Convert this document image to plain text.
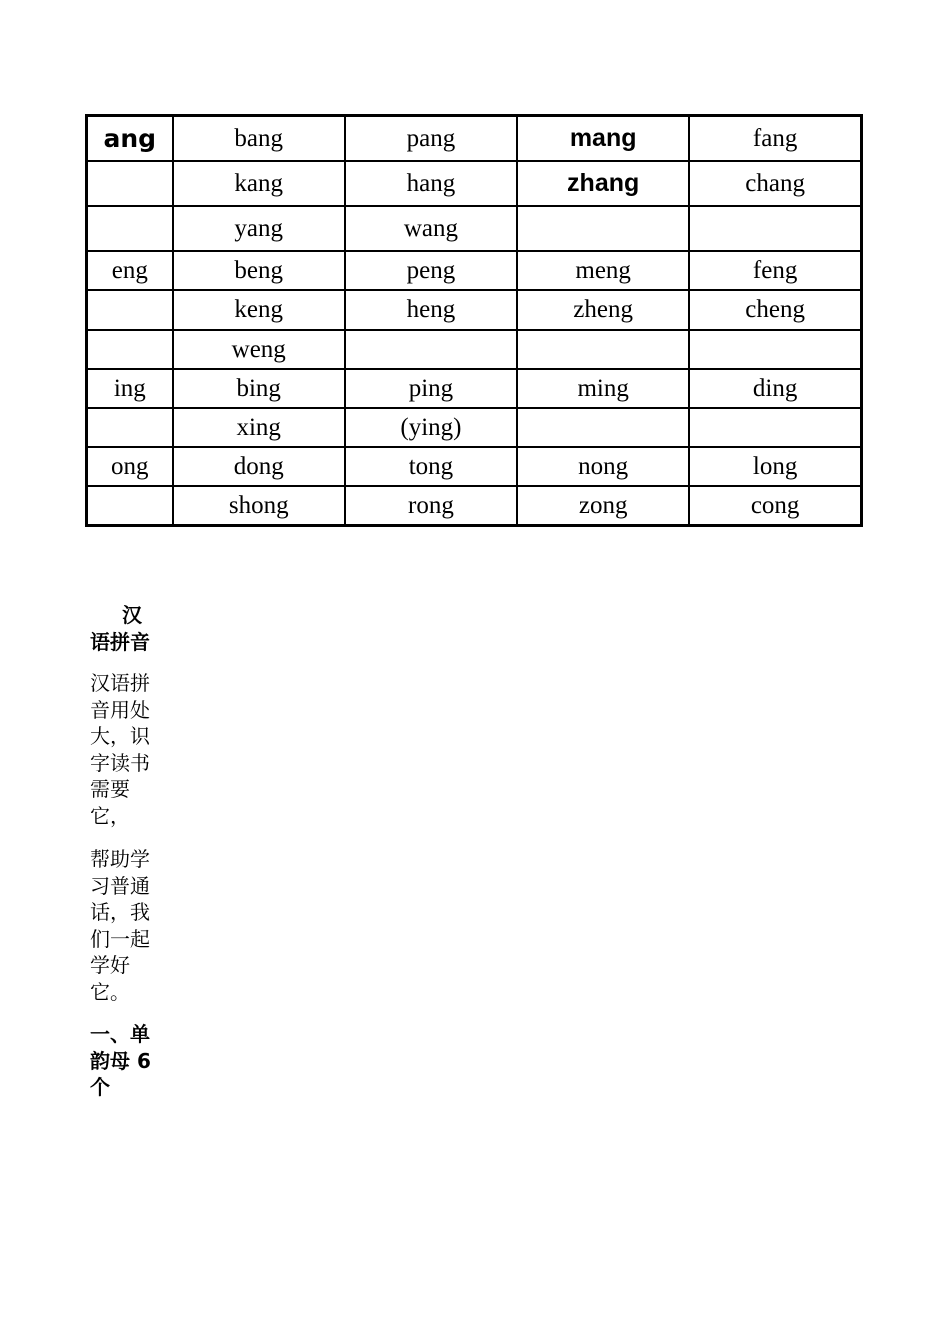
ang	bang	pang	mang	fang
	kang	hang	zhang	chang
	yang	wang		
eng	beng	peng	meng	feng
	keng	heng	zheng	cheng
	weng			
ing	bing	ping	ming	ding
	xing	(ying)		
ong	dong	tong	nong	long
	shong	rong	zong	cong

汉语拼音

汉语拼音用处大，识字读书需要它，

帮助学习普通话，我们一起学好它。

一、单韵母 6个
